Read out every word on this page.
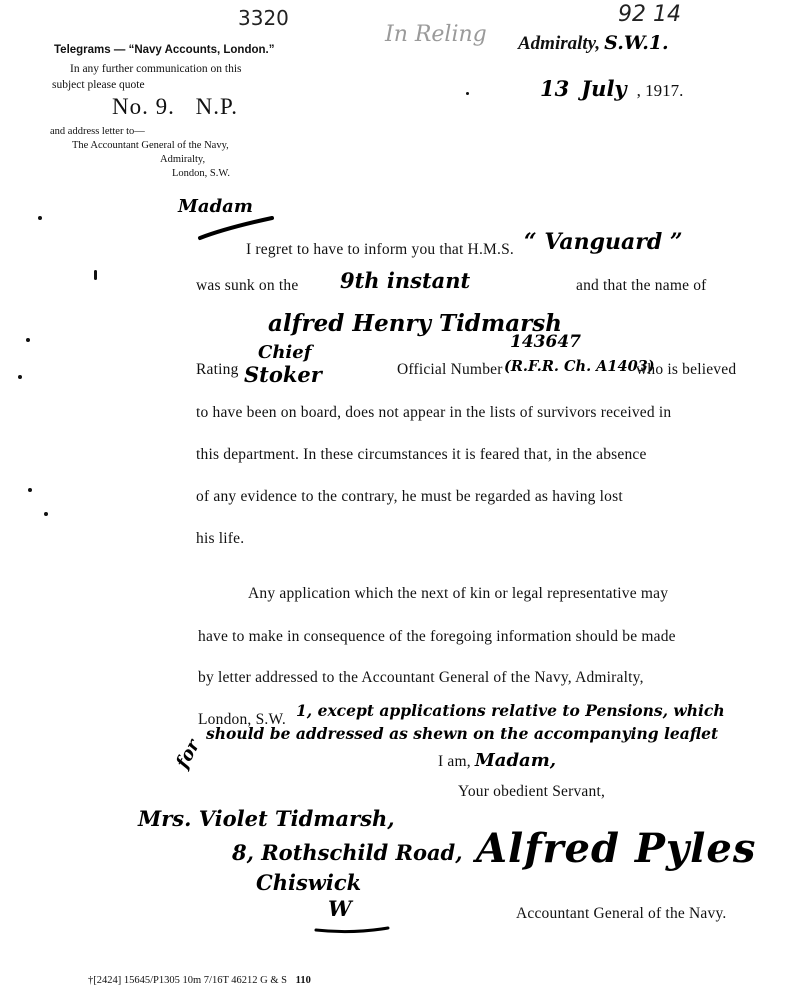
3320	92 14
In Reling
Telegrams — “Navy Accounts, London.”
In any further communication on this
subject please quote
No. 9. N.P.
and address letter to—
The Accountant General of the Navy,
Admiralty,
London, S.W.
Admiralty, S.W.1.
13 July , 1917.
Madam
I regret to have to inform you that H.M.S. “ Vanguard ”
was sunk on the 9th instant	and that the name of
alfred Henry Tidmarsh
143647
Chief
Rating Stoker	Official Number (R.F.R. Ch. A1403)
who is believed
to have been on board, does not appear in the lists of survivors received in
this department. In these circumstances it is feared that, in the absence
of any evidence to the contrary, he must be regarded as having lost
his life.
Any application which the next of kin or legal representative may
have to make in consequence of the foregoing information should be made
by letter addressed to the Accountant General of the Navy, Admiralty,
London, S.W. 1, except applications relative to Pensions, which
should be addressed as shewn on the accompanying leaflet
I am, Madam,
Your obedient Servant,
Alfred Pyles
Accountant General of the Navy.
for
Mrs. Violet Tidmarsh,
8, Rothschild Road,
Chiswick
W
†[2424] 15645/P1305 10m 7/16T 46212 G & S 110
